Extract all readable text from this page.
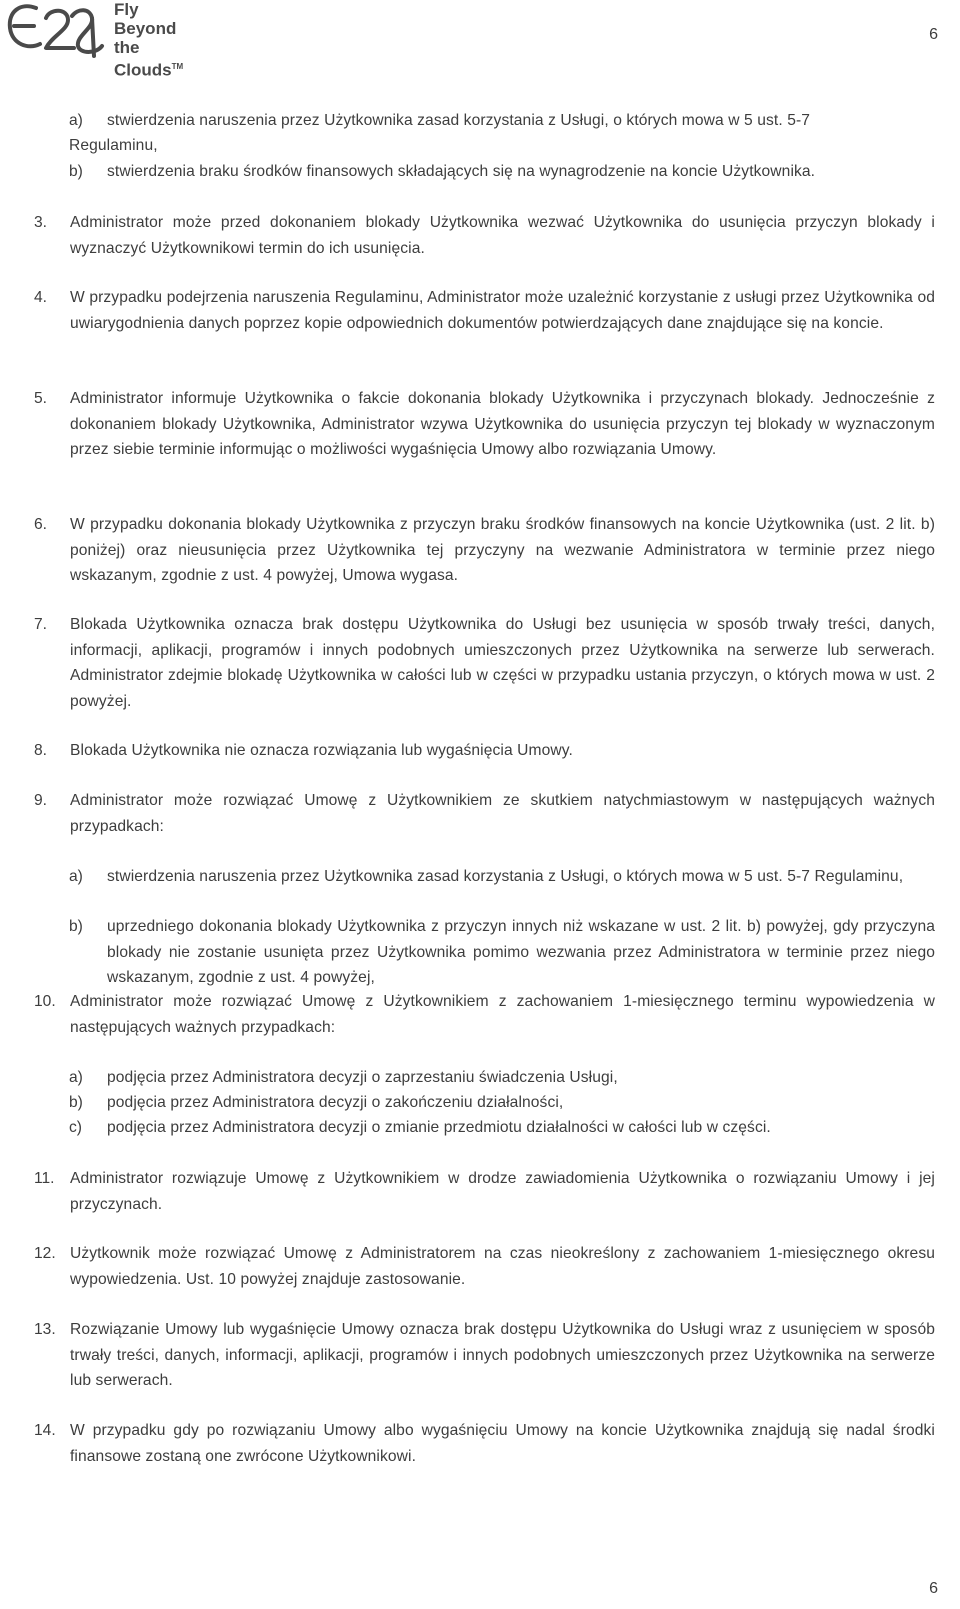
Fly
Beyond
the Clouds™
6
a) stwierdzenia naruszenia przez Użytkownika zasad korzystania z Usługi, o których mowa w 5 ust. 5-7
Regulaminu,
b) stwierdzenia braku środków finansowych składających się na wynagrodzenie na koncie Użytkownika.
3. Administrator może przed dokonaniem blokady Użytkownika wezwać Użytkownika do usunięcia przyczyn blokady i wyznaczyć Użytkownikowi termin do ich usunięcia.
4. W przypadku podejrzenia naruszenia Regulaminu, Administrator może uzależnić korzystanie z usługi przez Użytkownika od uwiarygodnienia danych poprzez kopie odpowiednich dokumentów potwierdzających dane znajdujące się na koncie.
5. Administrator informuje Użytkownika o fakcie dokonania blokady Użytkownika i przyczynach blokady. Jednocześnie z dokonaniem blokady Użytkownika, Administrator wzywa Użytkownika do usunięcia przyczyn tej blokady w wyznaczonym przez siebie terminie informując o możliwości wygaśnięcia Umowy albo rozwiązania Umowy.
6. W przypadku dokonania blokady Użytkownika z przyczyn braku środków finansowych na koncie Użytkownika (ust. 2 lit. b) poniżej) oraz nieusunięcia przez Użytkownika tej przyczyny na wezwanie Administratora w terminie przez niego wskazanym, zgodnie z ust. 4 powyżej, Umowa wygasa.
7. Blokada Użytkownika oznacza brak dostępu Użytkownika do Usługi bez usunięcia w sposób trwały treści, danych, informacji, aplikacji, programów i innych podobnych umieszczonych przez Użytkownika na serwerze lub serwerach. Administrator zdejmie blokadę Użytkownika w całości lub w części w przypadku ustania przyczyn, o których mowa w ust. 2 powyżej.
8. Blokada Użytkownika nie oznacza rozwiązania lub wygaśnięcia Umowy.
9. Administrator może rozwiązać Umowę z Użytkownikiem ze skutkiem natychmiastowym w następujących ważnych przypadkach:
a) stwierdzenia naruszenia przez Użytkownika zasad korzystania z Usługi, o których mowa w 5 ust. 5-7 Regulaminu,
b) uprzedniego dokonania blokady Użytkownika z przyczyn innych niż wskazane w ust. 2 lit. b) powyżej, gdy przyczyna blokady nie zostanie usunięta przez Użytkownika pomimo wezwania przez Administratora w terminie przez niego wskazanym, zgodnie z ust. 4 powyżej,
10. Administrator może rozwiązać Umowę z Użytkownikiem z zachowaniem 1-miesięcznego terminu wypowiedzenia w następujących ważnych przypadkach:
a) podjęcia przez Administratora decyzji o zaprzestaniu świadczenia Usługi,
b) podjęcia przez Administratora decyzji o zakończeniu działalności,
c) podjęcia przez Administratora decyzji o zmianie przedmiotu działalności w całości lub w części.
11. Administrator rozwiązuje Umowę z Użytkownikiem w drodze zawiadomienia Użytkownika o rozwiązaniu Umowy i jej przyczynach.
12. Użytkownik może rozwiązać Umowę z Administratorem na czas nieokreślony z zachowaniem 1-miesięcznego okresu wypowiedzenia. Ust. 10 powyżej znajduje zastosowanie.
13. Rozwiązanie Umowy lub wygaśnięcie Umowy oznacza brak dostępu Użytkownika do Usługi wraz z usunięciem w sposób trwały treści, danych, informacji, aplikacji, programów i innych podobnych umieszczonych przez Użytkownika na serwerze lub serwerach.
14. W przypadku gdy po rozwiązaniu Umowy albo wygaśnięciu Umowy na koncie Użytkownika znajdują się nadal środki finansowe zostaną one zwrócone Użytkownikowi.
6
